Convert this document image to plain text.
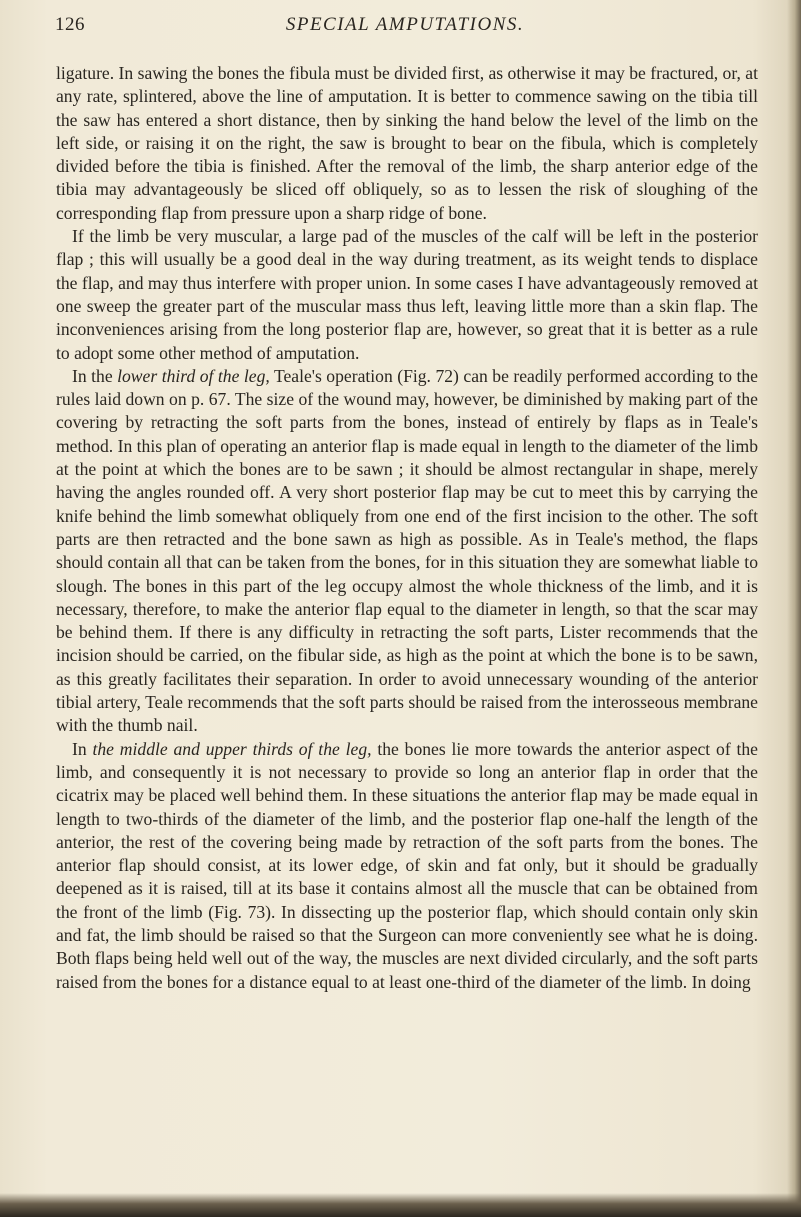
126	SPECIAL AMPUTATIONS.

ligature. In sawing the bones the fibula must be divided first, as otherwise it may be fractured, or, at any rate, splintered, above the line of amputation. It is better to commence sawing on the tibia till the saw has entered a short distance, then by sinking the hand below the level of the limb on the left side, or raising it on the right, the saw is brought to bear on the fibula, which is completely divided before the tibia is finished. After the removal of the limb, the sharp anterior edge of the tibia may advantageously be sliced off obliquely, so as to lessen the risk of sloughing of the corresponding flap from pressure upon a sharp ridge of bone.

If the limb be very muscular, a large pad of the muscles of the calf will be left in the posterior flap ; this will usually be a good deal in the way during treatment, as its weight tends to displace the flap, and may thus interfere with proper union. In some cases I have advantageously removed at one sweep the greater part of the muscular mass thus left, leaving little more than a skin flap. The inconveniences arising from the long posterior flap are, however, so great that it is better as a rule to adopt some other method of amputation.

In the lower third of the leg, Teale's operation (Fig. 72) can be readily performed according to the rules laid down on p. 67. The size of the wound may, however, be diminished by making part of the covering by retracting the soft parts from the bones, instead of entirely by flaps as in Teale's method. In this plan of operating an anterior flap is made equal in length to the diameter of the limb at the point at which the bones are to be sawn ; it should be almost rectangular in shape, merely having the angles rounded off. A very short posterior flap may be cut to meet this by carrying the knife behind the limb somewhat obliquely from one end of the first incision to the other. The soft parts are then retracted and the bone sawn as high as possible. As in Teale's method, the flaps should contain all that can be taken from the bones, for in this situation they are somewhat liable to slough. The bones in this part of the leg occupy almost the whole thickness of the limb, and it is necessary, therefore, to make the anterior flap equal to the diameter in length, so that the scar may be behind them. If there is any difficulty in retracting the soft parts, Lister recommends that the incision should be carried, on the fibular side, as high as the point at which the bone is to be sawn, as this greatly facilitates their separation. In order to avoid unnecessary wounding of the anterior tibial artery, Teale recommends that the soft parts should be raised from the interosseous membrane with the thumb nail.

In the middle and upper thirds of the leg, the bones lie more towards the anterior aspect of the limb, and consequently it is not necessary to provide so long an anterior flap in order that the cicatrix may be placed well behind them. In these situations the anterior flap may be made equal in length to two-thirds of the diameter of the limb, and the posterior flap one-half the length of the anterior, the rest of the covering being made by retraction of the soft parts from the bones. The anterior flap should consist, at its lower edge, of skin and fat only, but it should be gradually deepened as it is raised, till at its base it contains almost all the muscle that can be obtained from the front of the limb (Fig. 73). In dissecting up the posterior flap, which should contain only skin and fat, the limb should be raised so that the Surgeon can more conveniently see what he is doing. Both flaps being held well out of the way, the muscles are next divided circularly, and the soft parts raised from the bones for a distance equal to at least one-third of the diameter of the limb. In doing
